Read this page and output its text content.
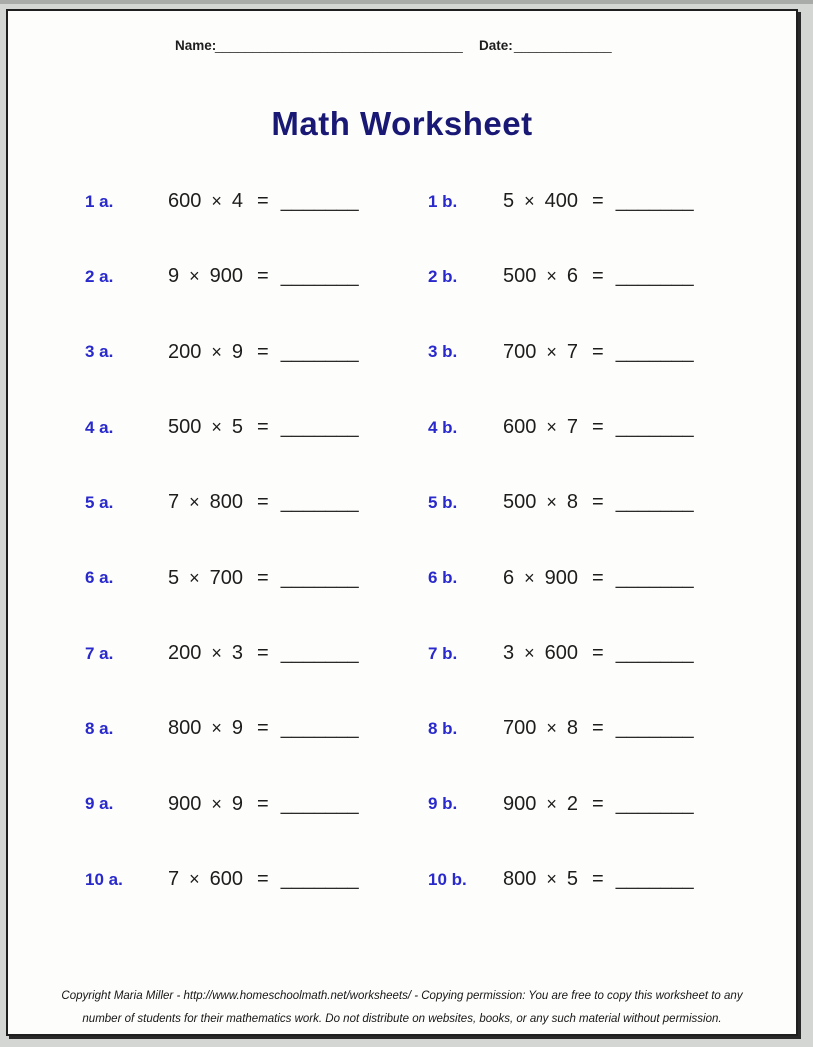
Name:
_________________________________ Date: _____________
Math Worksheet
1 a.	600 × 4 = _______	1 b.	5 × 400 = _______
2 a.	9 × 900 = _______	2 b.	500 × 6 = _______
3 a.	200 × 9 = _______	3 b.	700 × 7 = _______
4 a.	500 × 5 = _______	4 b.	600 × 7 = _______
5 a.	7 × 800 = _______	5 b.	500 × 8 = _______
6 a.	5 × 700 = _______	6 b.	6 × 900 = _______
7 a.	200 × 3 = _______	7 b.	3 × 600 = _______
8 a.	800 × 9 = _______	8 b.	700 × 8 = _______
9 a.	900 × 9 = _______	9 b.	900 × 2 = _______
10 a.	7 × 600 = _______	10 b.	800 × 5 = _______
Copyright Maria Miller - http://www.homeschoolmath.net/worksheets/ - Copying permission: You are free to copy this worksheet to any
number of students for their mathematics work. Do not distribute on websites, books, or any such material without permission.
